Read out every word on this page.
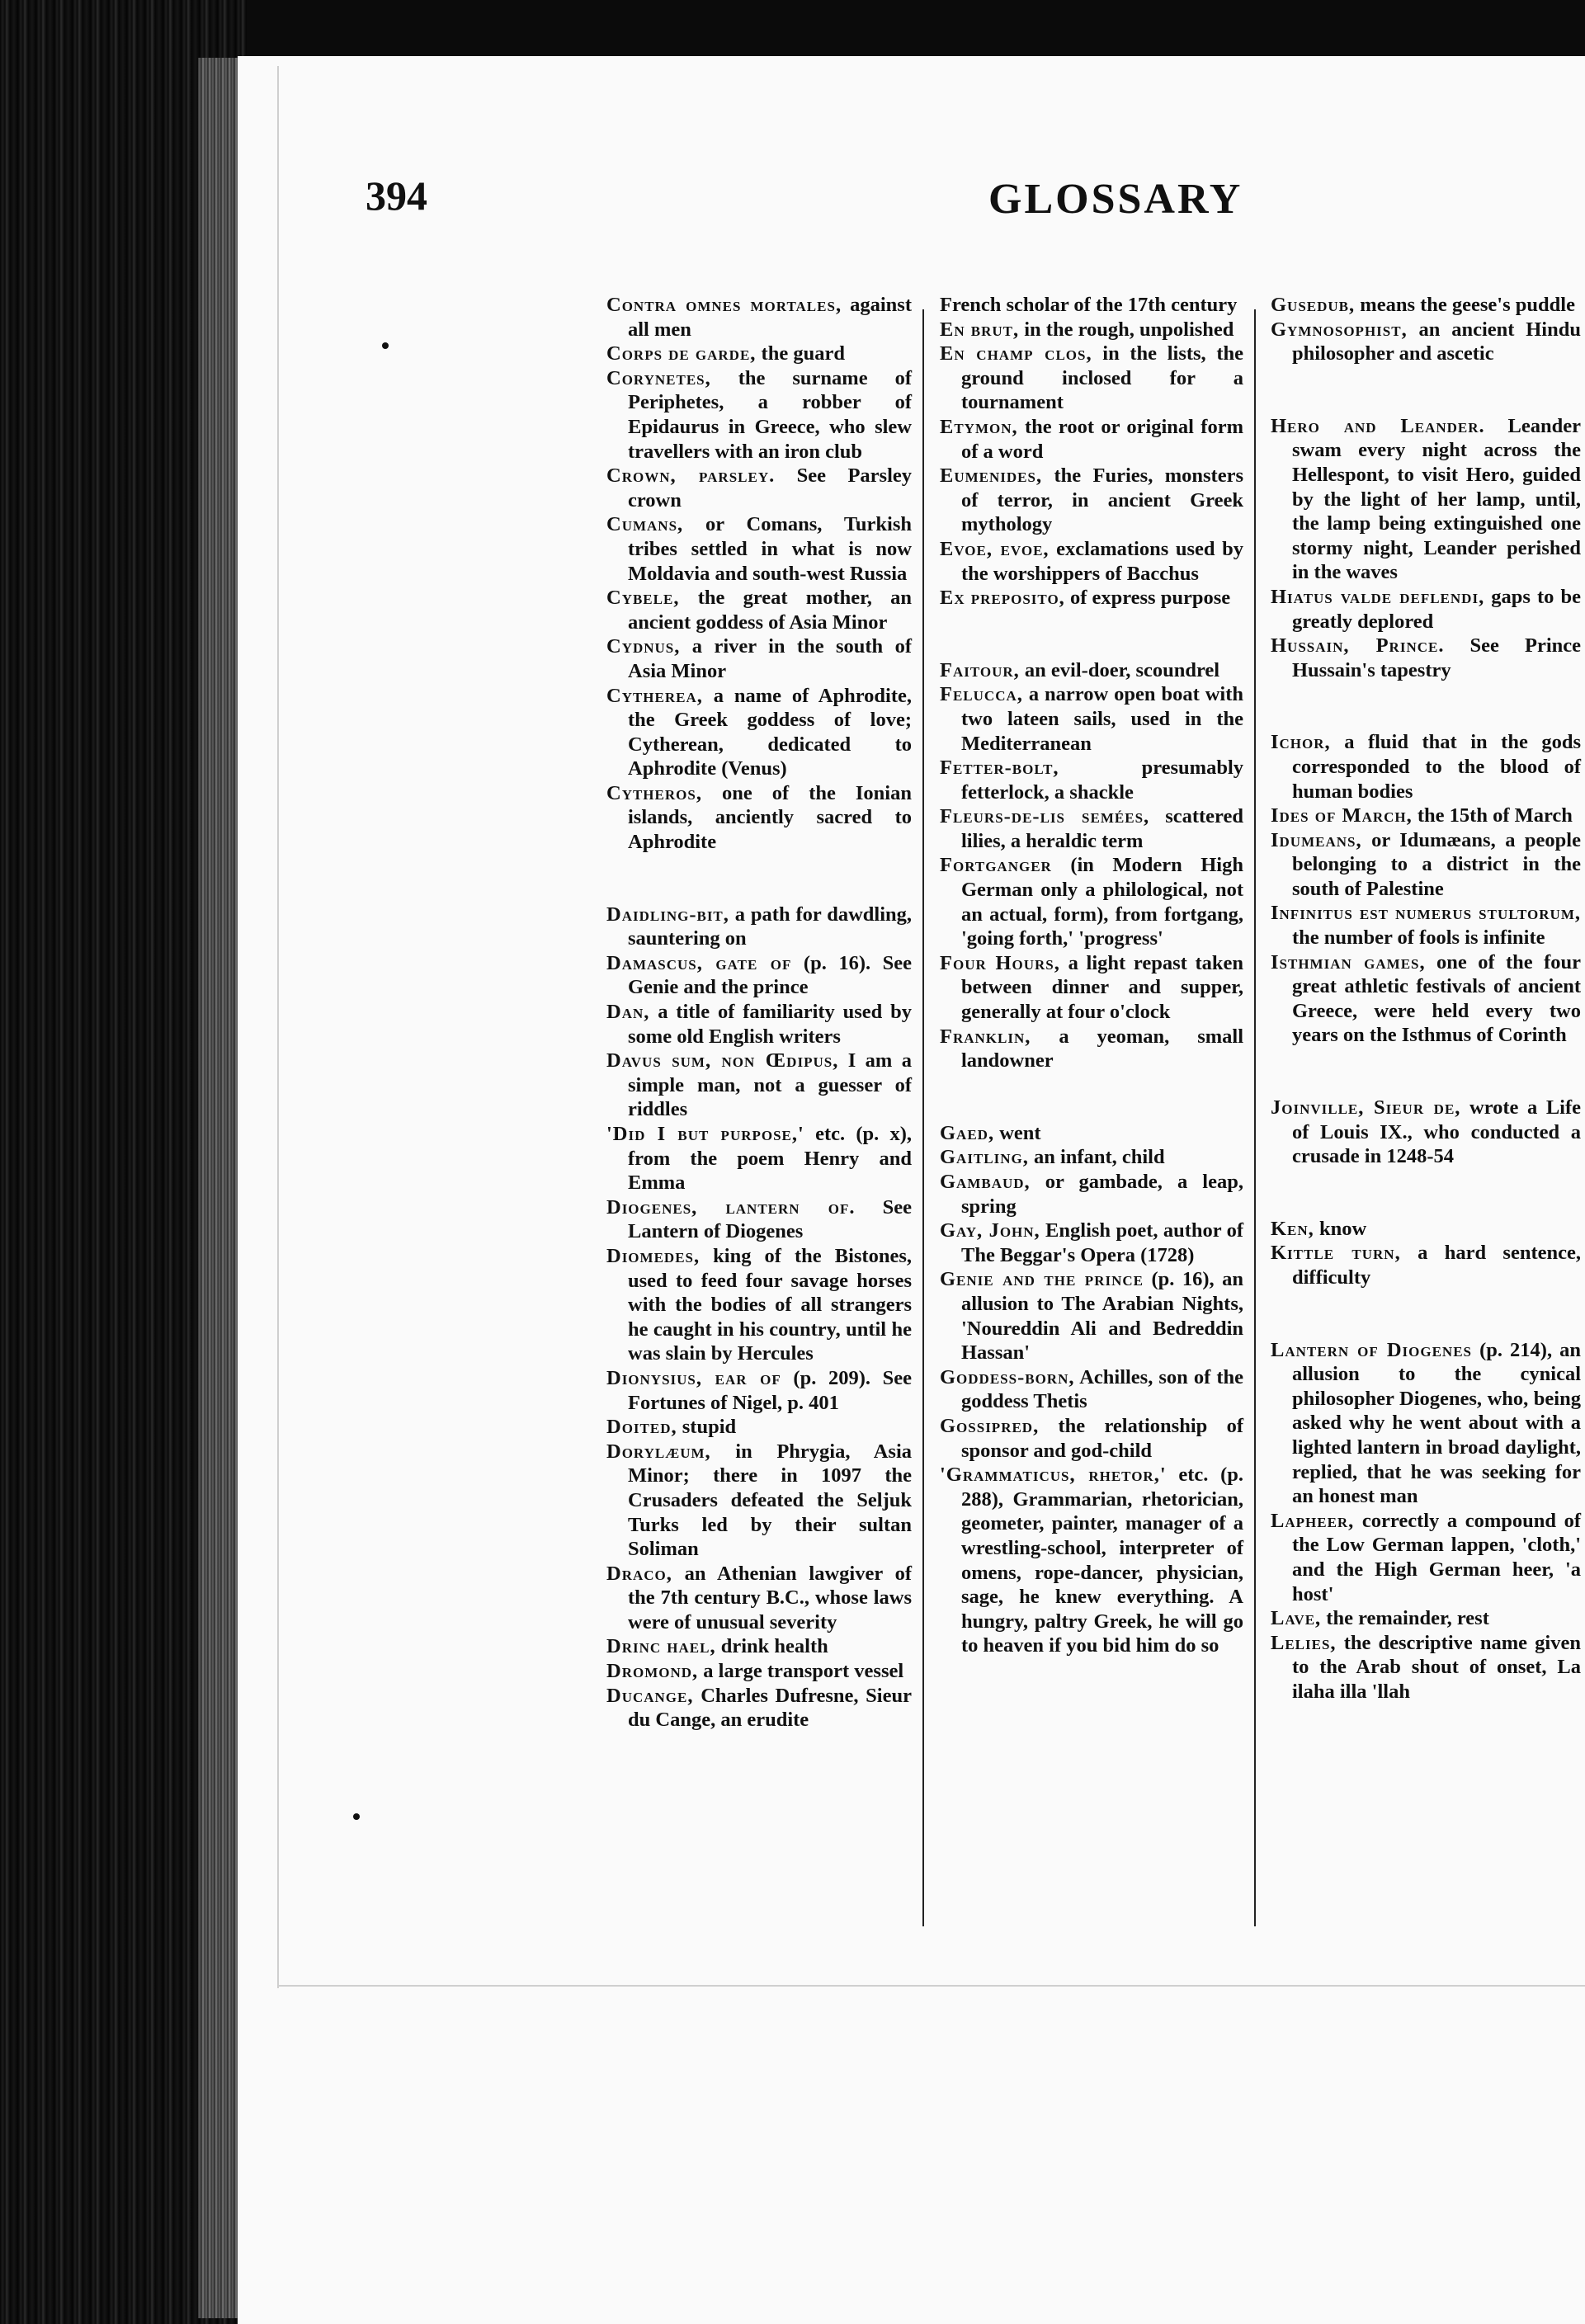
394	GLOSSARY

Contra omnes mortales, against all men

Corps de garde, the guard

Corynetes, the surname of Periphetes, a robber of Epidaurus in Greece, who slew travellers with an iron club

Crown, parsley. See Parsley crown

Cumans, or Comans, Turkish tribes settled in what is now Moldavia and south-west Russia

Cybele, the great mother, an ancient goddess of Asia Minor

Cydnus, a river in the south of Asia Minor

Cytherea, a name of Aphrodite, the Greek goddess of love; Cytherean, dedicated to Aphrodite (Venus)

Cytheros, one of the Ionian islands, anciently sacred to Aphrodite

Daidling-bit, a path for dawdling, sauntering on

Damascus, gate of (p. 16). See Genie and the prince

Dan, a title of familiarity used by some old English writers

Davus sum, non Œdipus, I am a simple man, not a guesser of riddles

'Did I but purpose,' etc. (p. x), from the poem Henry and Emma

Diogenes, lantern of. See Lantern of Diogenes

Diomedes, king of the Bistones, used to feed four savage horses with the bodies of all strangers he caught in his country, until he was slain by Hercules

Dionysius, ear of (p. 209). See Fortunes of Nigel, p. 401

Doited, stupid

Dorylæum, in Phrygia, Asia Minor; there in 1097 the Crusaders defeated the Seljuk Turks led by their sultan Soliman

Draco, an Athenian lawgiver of the 7th century B.C., whose laws were of unusual severity

Drinc hael, drink health

Dromond, a large transport vessel

Ducange, Charles Dufresne, Sieur du Cange, an erudite

French scholar of the 17th century

En brut, in the rough, unpolished

En champ clos, in the lists, the ground inclosed for a tournament

Etymon, the root or original form of a word

Eumenides, the Furies, monsters of terror, in ancient Greek mythology

Evoe, evoe, exclamations used by the worshippers of Bacchus

Ex preposito, of express purpose

Faitour, an evil-doer, scoundrel

Felucca, a narrow open boat with two lateen sails, used in the Mediterranean

Fetter-bolt, presumably fetterlock, a shackle

Fleurs-de-lis semées, scattered lilies, a heraldic term

Fortganger (in Modern High German only a philological, not an actual, form), from fortgang, 'going forth,' 'progress'

Four Hours, a light repast taken between dinner and supper, generally at four o'clock

Franklin, a yeoman, small landowner

Gaed, went

Gaitling, an infant, child

Gambaud, or gambade, a leap, spring

Gay, John, English poet, author of The Beggar's Opera (1728)

Genie and the prince (p. 16), an allusion to The Arabian Nights, 'Noureddin Ali and Bedreddin Hassan'

Goddess-born, Achilles, son of the goddess Thetis

Gossipred, the relationship of sponsor and god-child

'Grammaticus, rhetor,' etc. (p. 288), Grammarian, rhetorician, geometer, painter, manager of a wrestling-school, interpreter of omens, rope-dancer, physician, sage, he knew everything. A hungry, paltry Greek, he will go to heaven if you bid him do so

Gusedub, means the geese's puddle

Gymnosophist, an ancient Hindu philosopher and ascetic

Hero and Leander. Leander swam every night across the Hellespont, to visit Hero, guided by the light of her lamp, until, the lamp being extinguished one stormy night, Leander perished in the waves

Hiatus valde deflendi, gaps to be greatly deplored

Hussain, Prince. See Prince Hussain's tapestry

Ichor, a fluid that in the gods corresponded to the blood of human bodies

Ides of March, the 15th of March

Idumeans, or Idumæans, a people belonging to a district in the south of Palestine

Infinitus est numerus stultorum, the number of fools is infinite

Isthmian games, one of the four great athletic festivals of ancient Greece, were held every two years on the Isthmus of Corinth

Joinville, Sieur de, wrote a Life of Louis IX., who conducted a crusade in 1248-54

Ken, know

Kittle turn, a hard sentence, difficulty

Lantern of Diogenes (p. 214), an allusion to the cynical philosopher Diogenes, who, being asked why he went about with a lighted lantern in broad daylight, replied, that he was seeking for an honest man

Lapheer, correctly a compound of the Low German lappen, 'cloth,' and the High German heer, 'a host'

Lave, the remainder, rest

Lelies, the descriptive name given to the Arab shout of onset, La ilaha illa 'llah
